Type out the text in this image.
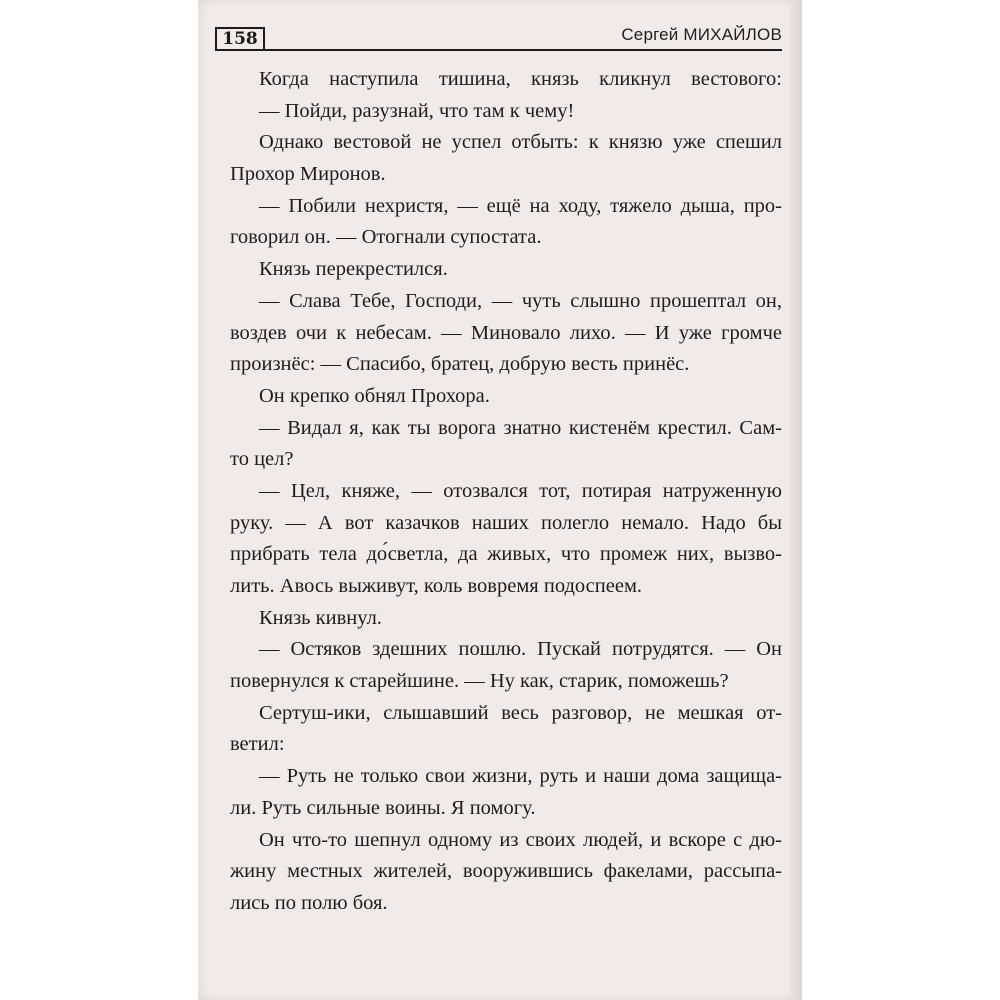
158	Сергей МИХАЙЛОВ
Когда наступила тишина, князь кликнул вестового:
— Пойди, разузнай, что там к чему!
Однако вестовой не успел отбыть: к князю уже спешил
Прохор Миронов.
— Побили нехристя, — ещё на ходу, тяжело дыша, про-
говорил он. — Отогнали супостата.
Князь перекрестился.
— Слава Тебе, Господи, — чуть слышно прошептал он,
воздев очи к небесам. — Миновало лихо. — И уже громче
произнёс: — Спасибо, братец, добрую весть принёс.
Он крепко обнял Прохора.
— Видал я, как ты ворога знатно кистенём крестил. Сам-
то цел?
— Цел, княже, — отозвался тот, потирая натруженную
руку. — А вот казачков наших полегло немало. Надо бы
прибрать тела до́светла, да живых, что промеж них, вызво-
лить. Авось выживут, коль вовремя подоспеем.
Князь кивнул.
— Остяков здешних пошлю. Пускай потрудятся. — Он
повернулся к старейшине. — Ну как, старик, поможешь?
Сертуш-ики, слышавший весь разговор, не мешкая от-
ветил:
— Руть не только свои жизни, руть и наши дома защища-
ли. Руть сильные воины. Я помогу.
Он что-то шепнул одному из своих людей, и вскоре с дю-
жину местных жителей, вооружившись факелами, рассыпа-
лись по полю боя.
